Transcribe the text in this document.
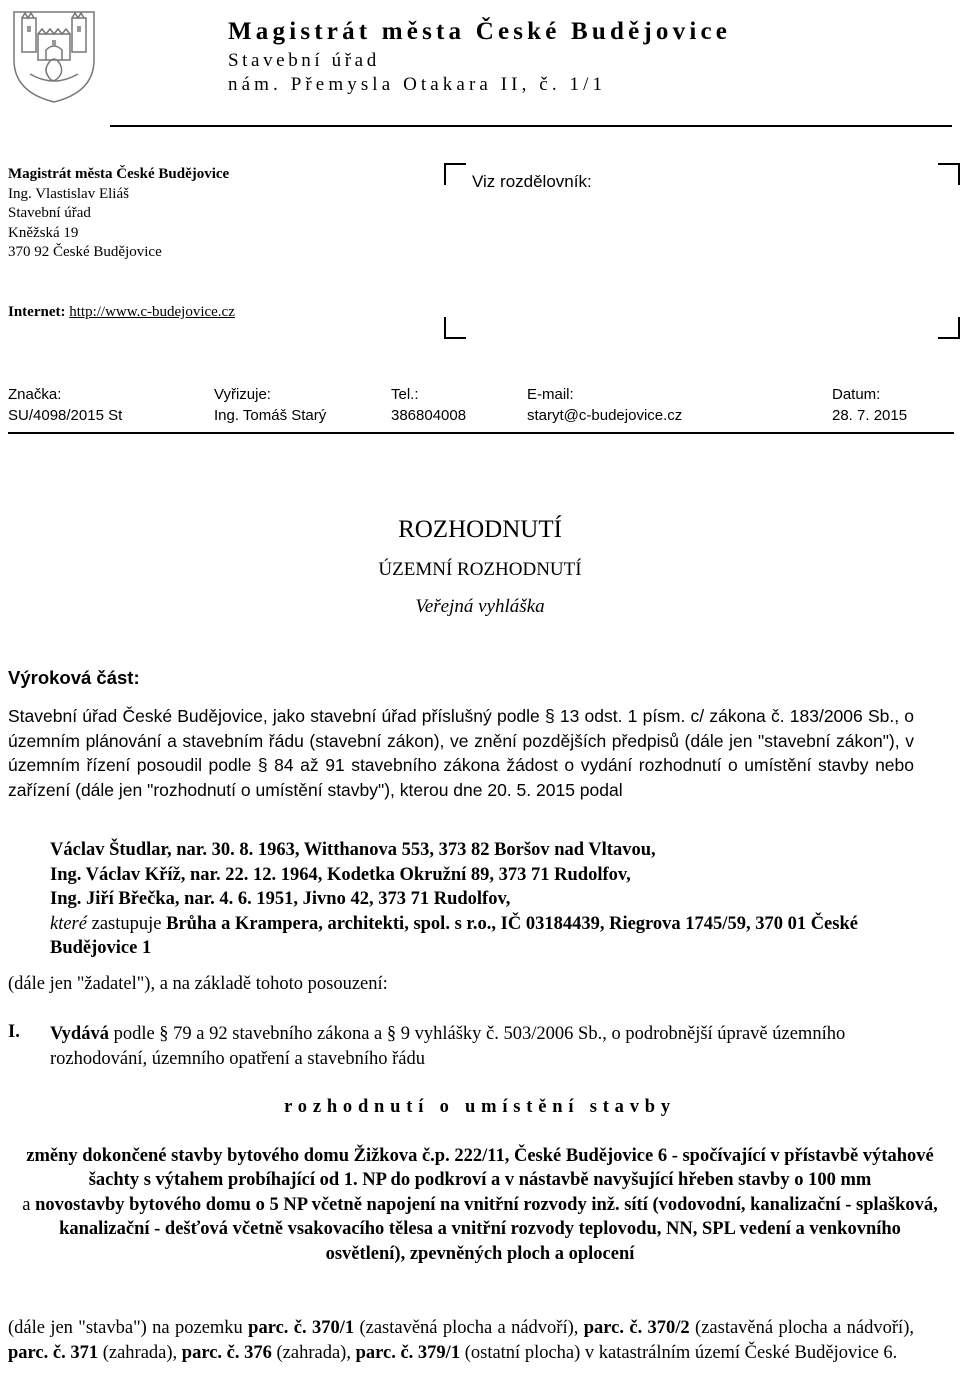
Magistrát města České Budějovice
Stavební úřad
nám. Přemysla Otakara II, č. 1/1
Magistrát města České Budějovice
Ing. Vlastislav Eliáš
Stavební úřad
Kněžská 19
370 92 České Budějovice
Internet: http://www.c-budejovice.cz
Viz rozdělovník:
Značka:
SU/4098/2015 St
Vyřizuje:
Ing. Tomáš Starý
Tel.:
386804008
E-mail:
staryt@c-budejovice.cz
Datum:
28. 7. 2015
ROZHODNUTÍ
ÚZEMNÍ ROZHODNUTÍ
Veřejná vyhláška
Výroková část:
Stavební úřad České Budějovice, jako stavební úřad příslušný podle § 13 odst. 1 písm. c/ zákona č. 183/2006 Sb., o územním plánování a stavebním řádu (stavební zákon), ve znění pozdějších předpisů (dále jen "stavební zákon"), v územním řízení posoudil podle § 84 až 91 stavebního zákona žádost o vydání rozhodnutí o umístění stavby nebo zařízení (dále jen "rozhodnutí o umístění stavby"), kterou dne 20. 5. 2015 podal
Václav Študlar, nar. 30. 8. 1963, Witthanova 553, 373 82 Boršov nad Vltavou,
Ing. Václav Kříž, nar. 22. 12. 1964, Kodetka Okružní 89, 373 71 Rudolfov,
Ing. Jiří Břečka, nar. 4. 6. 1951, Jivno 42, 373 71 Rudolfov,
které zastupuje Brůha a Krampera, architekti, spol. s r.o., IČ 03184439, Riegrova 1745/59, 370 01 České Budějovice 1
(dále jen "žadatel"), a na základě tohoto posouzení:
I. Vydává podle § 79 a 92 stavebního zákona a § 9 vyhlášky č. 503/2006 Sb., o podrobnější úpravě územního rozhodování, územního opatření a stavebního řádu
rozhodnutí o umístění stavby
změny dokončené stavby bytového domu Žižkova č.p. 222/11, České Budějovice 6 - spočívající v přístavbě výtahové šachty s výtahem probíhající od 1. NP do podkroví a v nástavbě navyšující hřeben stavby o 100 mm
a novostavby bytového domu o 5 NP včetně napojení na vnitřní rozvody inž. sítí (vodovodní, kanalizační - splašková, kanalizační - dešťová včetně vsakovacího tělesa a vnitřní rozvody teplovodu, NN, SPL vedení a venkovního osvětlení), zpevněných ploch a oplocení
(dále jen "stavba") na pozemku parc. č. 370/1 (zastavěná plocha a nádvoří), parc. č. 370/2 (zastavěná plocha a nádvoří), parc. č. 371 (zahrada), parc. č. 376 (zahrada), parc. č. 379/1 (ostatní plocha) v katastrálním území České Budějovice 6.
